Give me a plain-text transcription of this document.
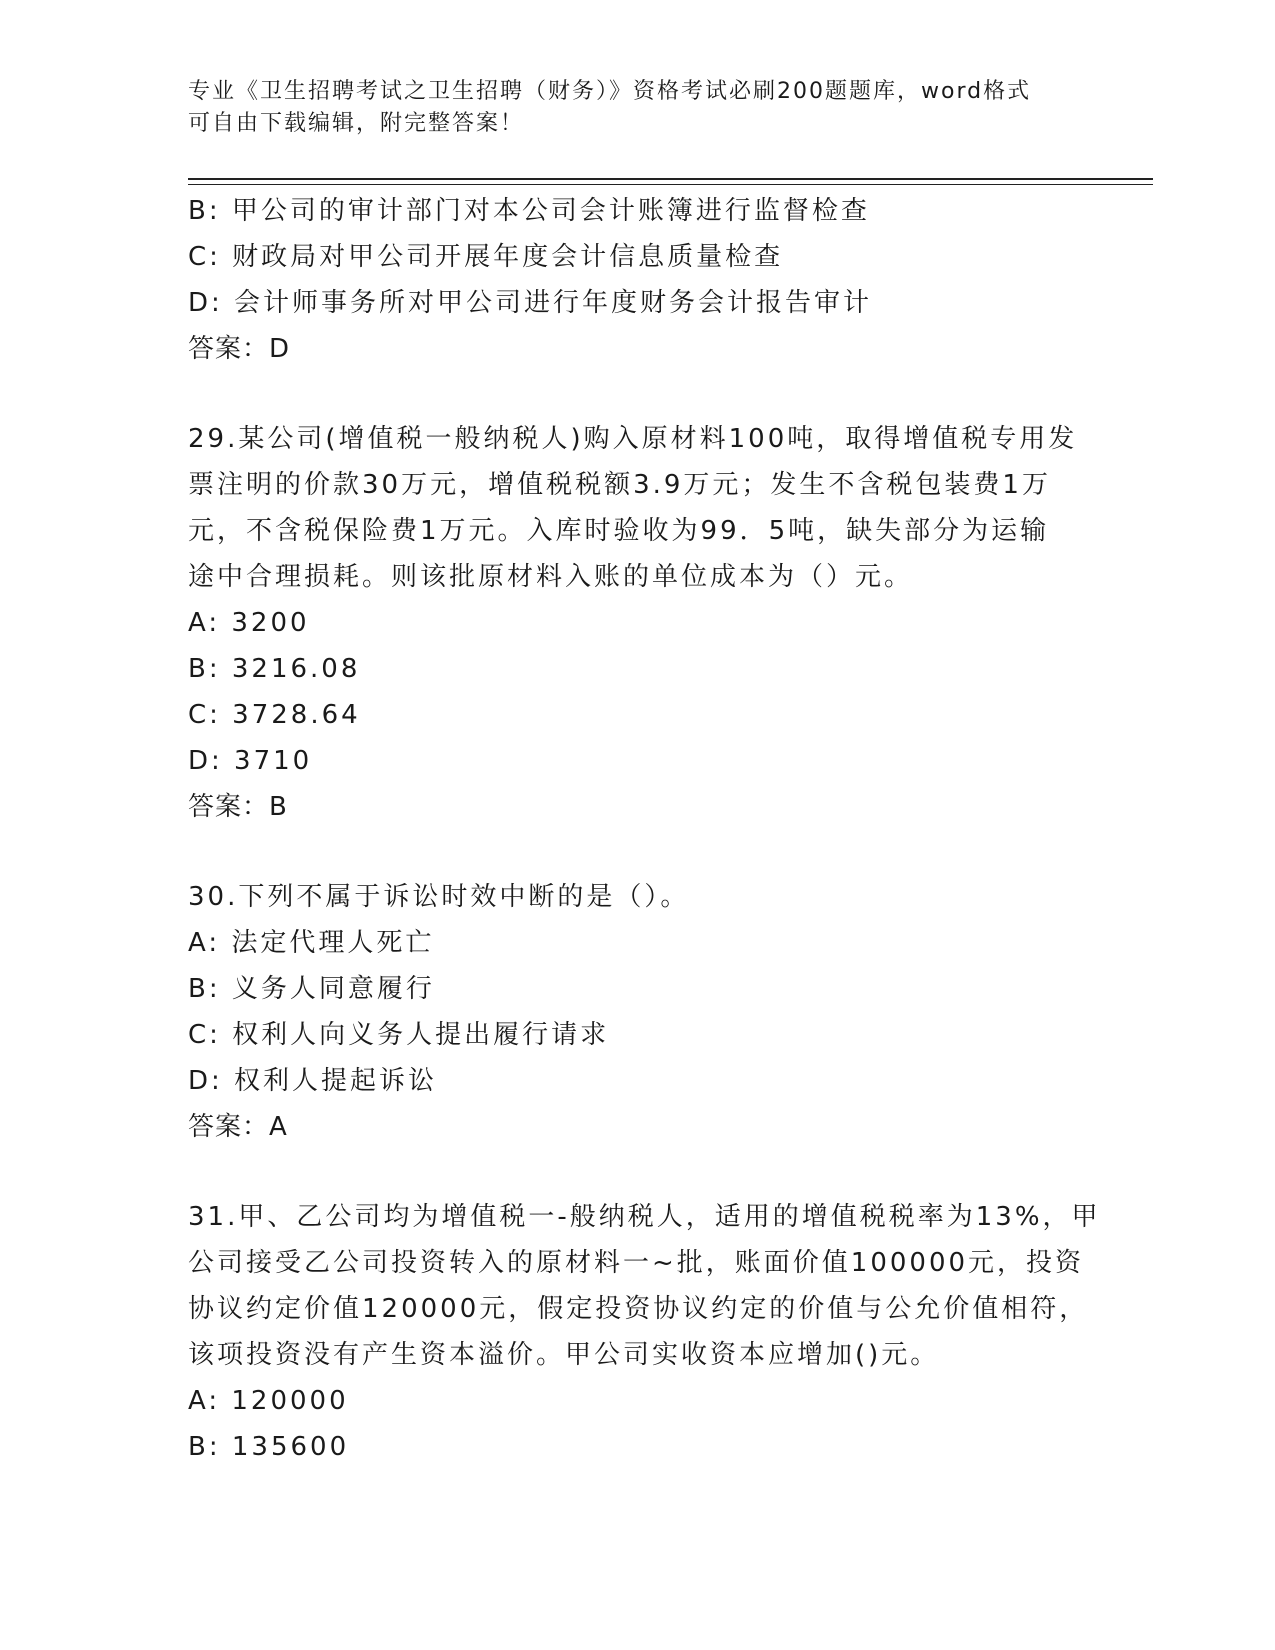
专业《卫生招聘考试之卫生招聘（财务）》资格考试必刷200题题库，word格式
可自由下载编辑，附完整答案！
B: 甲公司的审计部门对本公司会计账簿进行监督检查
C: 财政局对甲公司开展年度会计信息质量检查
D: 会计师事务所对甲公司进行年度财务会计报告审计
答案：D
29.某公司(增值税一般纳税人)购入原材料100吨，取得增值税专用发
票注明的价款30万元，增值税税额3.9万元；发生不含税包装费1万
元，不含税保险费1万元。入库时验收为99．5吨，缺失部分为运输
途中合理损耗。则该批原材料入账的单位成本为（）元。
A: 3200
B: 3216.08
C: 3728.64
D: 3710
答案：B
30.下列不属于诉讼时效中断的是（）。
A: 法定代理人死亡
B: 义务人同意履行
C: 权利人向义务人提出履行请求
D: 权利人提起诉讼
答案：A
31.甲、乙公司均为增值税一-般纳税人，适用的增值税税率为13%，甲
公司接受乙公司投资转入的原材料一~批，账面价值100000元，投资
协议约定价值120000元，假定投资协议约定的价值与公允价值相符，
该项投资没有产生资本溢价。甲公司实收资本应增加()元。
A: 120000
B: 135600
